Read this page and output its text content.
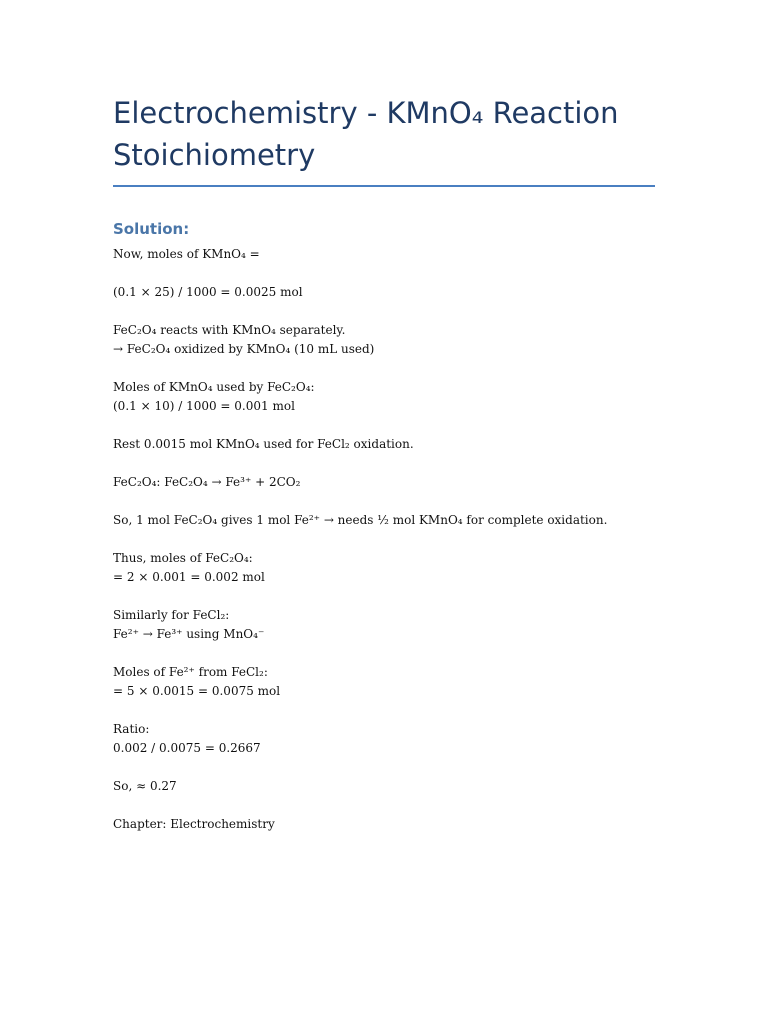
Electrochemistry - KMnO₄ Reaction Stoichiometry
Solution:

Now, moles of KMnO₄ =

(0.1 × 25) / 1000 = 0.0025 mol

FeC₂O₄ reacts with KMnO₄ separately.

→ FeC₂O₄ oxidized by KMnO₄ (10 mL used)

Moles of KMnO₄ used by FeC₂O₄:

(0.1 × 10) / 1000 = 0.001 mol

Rest 0.0015 mol KMnO₄ used for FeCl₂ oxidation.

FeC₂O₄: FeC₂O₄ → Fe³⁺ + 2CO₂

So, 1 mol FeC₂O₄ gives 1 mol Fe²⁺ → needs ½ mol KMnO₄ for complete oxidation.

Thus, moles of FeC₂O₄:

= 2 × 0.001 = 0.002 mol

Similarly for FeCl₂:

Fe²⁺ → Fe³⁺ using MnO₄⁻

Moles of Fe²⁺ from FeCl₂:

= 5 × 0.0015 = 0.0075 mol

Ratio:

0.002 / 0.0075 = 0.2667

So, ≈ 0.27

Chapter: Electrochemistry
